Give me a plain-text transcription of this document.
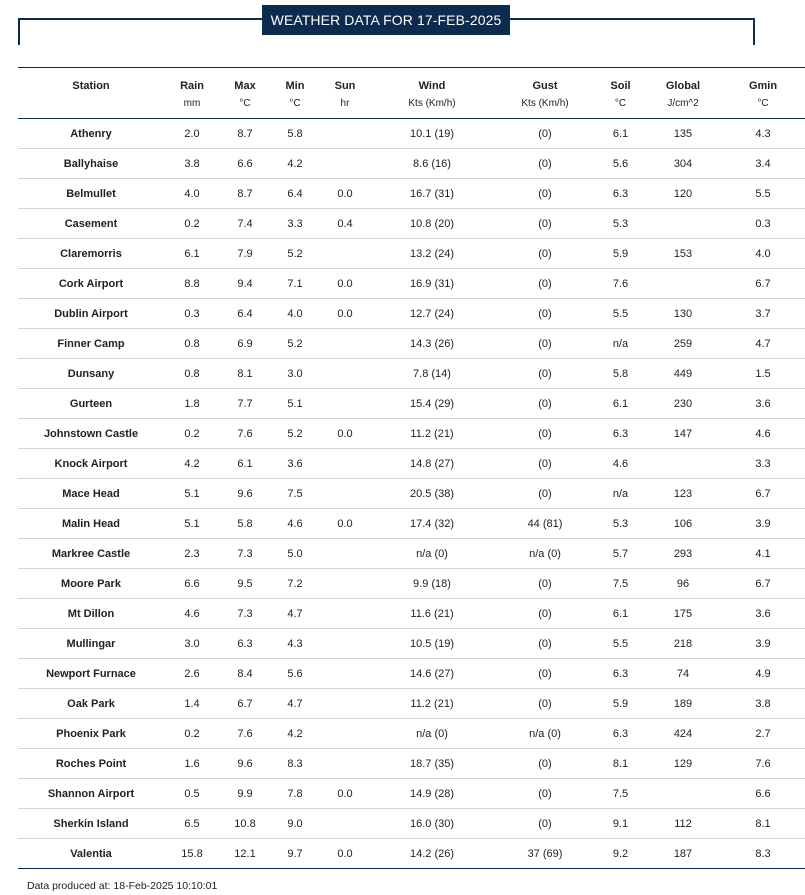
WEATHER DATA FOR 17-FEB-2025
Station	Rain	Max	Min	Sun	Wind	Gust	Soil	Global	Gmin
	mm	°C	°C	hr	Kts (Km/h)	Kts (Km/h)	°C	J/cm^2	°C
Athenry	2.0	8.7	5.8		10.1 (19)	(0)	6.1	135	4.3
Ballyhaise	3.8	6.6	4.2		8.6 (16)	(0)	5.6	304	3.4
Belmullet	4.0	8.7	6.4	0.0	16.7 (31)	(0)	6.3	120	5.5
Casement	0.2	7.4	3.3	0.4	10.8 (20)	(0)	5.3		0.3
Claremorris	6.1	7.9	5.2		13.2 (24)	(0)	5.9	153	4.0
Cork Airport	8.8	9.4	7.1	0.0	16.9 (31)	(0)	7.6		6.7
Dublin Airport	0.3	6.4	4.0	0.0	12.7 (24)	(0)	5.5	130	3.7
Finner Camp	0.8	6.9	5.2		14.3 (26)	(0)	n/a	259	4.7
Dunsany	0.8	8.1	3.0		7.8 (14)	(0)	5.8	449	1.5
Gurteen	1.8	7.7	5.1		15.4 (29)	(0)	6.1	230	3.6
Johnstown Castle	0.2	7.6	5.2	0.0	11.2 (21)	(0)	6.3	147	4.6
Knock Airport	4.2	6.1	3.6		14.8 (27)	(0)	4.6		3.3
Mace Head	5.1	9.6	7.5		20.5 (38)	(0)	n/a	123	6.7
Malin Head	5.1	5.8	4.6	0.0	17.4 (32)	44 (81)	5.3	106	3.9
Markree Castle	2.3	7.3	5.0		n/a (0)	n/a (0)	5.7	293	4.1
Moore Park	6.6	9.5	7.2		9.9 (18)	(0)	7.5	96	6.7
Mt Dillon	4.6	7.3	4.7		11.6 (21)	(0)	6.1	175	3.6
Mullingar	3.0	6.3	4.3		10.5 (19)	(0)	5.5	218	3.9
Newport Furnace	2.6	8.4	5.6		14.6 (27)	(0)	6.3	74	4.9
Oak Park	1.4	6.7	4.7		11.2 (21)	(0)	5.9	189	3.8
Phoenix Park	0.2	7.6	4.2		n/a (0)	n/a (0)	6.3	424	2.7
Roches Point	1.6	9.6	8.3		18.7 (35)	(0)	8.1	129	7.6
Shannon Airport	0.5	9.9	7.8	0.0	14.9 (28)	(0)	7.5		6.6
Sherkin Island	6.5	10.8	9.0		16.0 (30)	(0)	9.1	112	8.1
Valentia	15.8	12.1	9.7	0.0	14.2 (26)	37 (69)	9.2	187	8.3
Data produced at: 18-Feb-2025 10:10:01
